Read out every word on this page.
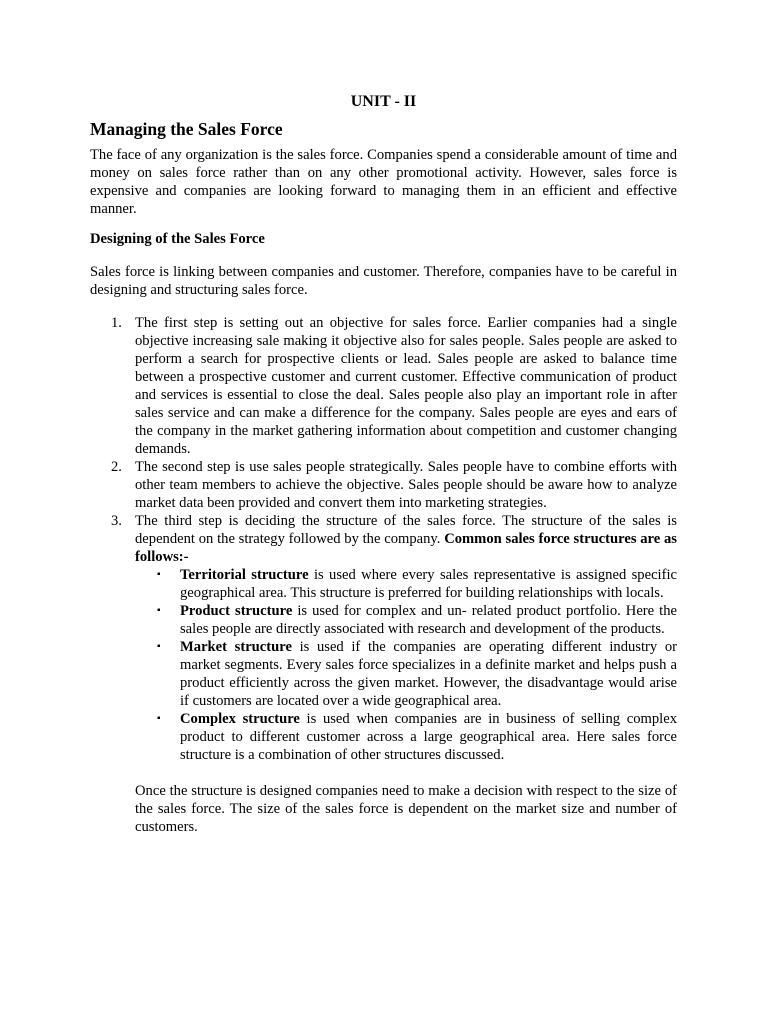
UNIT - II
Managing the Sales Force

The face of any organization is the sales force. Companies spend a considerable amount of time and money on sales force rather than on any other promotional activity. However, sales force is expensive and companies are looking forward to managing them in an efficient and effective manner.

Designing of the Sales Force

Sales force is linking between companies and customer. Therefore, companies have to be careful in designing and structuring sales force.

1. The first step is setting out an objective for sales force. Earlier companies had a single objective increasing sale making it objective also for sales people. Sales people are asked to perform a search for prospective clients or lead. Sales people are asked to balance time between a prospective customer and current customer. Effective communication of product and services is essential to close the deal. Sales people also play an important role in after sales service and can make a difference for the company. Sales people are eyes and ears of the company in the market gathering information about competition and customer changing demands.
2. The second step is use sales people strategically. Sales people have to combine efforts with other team members to achieve the objective. Sales people should be aware how to analyze market data been provided and convert them into marketing strategies.
3. The third step is deciding the structure of the sales force. The structure of the sales is dependent on the strategy followed by the company. Common sales force structures are as follows:-
▪ Territorial structure is used where every sales representative is assigned specific geographical area. This structure is preferred for building relationships with locals.
▪ Product structure is used for complex and un- related product portfolio. Here the sales people are directly associated with research and development of the products.
▪ Market structure is used if the companies are operating different industry or market segments. Every sales force specializes in a definite market and helps push a product efficiently across the given market. However, the disadvantage would arise if customers are located over a wide geographical area.
▪ Complex structure is used when companies are in business of selling complex product to different customer across a large geographical area. Here sales force structure is a combination of other structures discussed.

Once the structure is designed companies need to make a decision with respect to the size of the sales force. The size of the sales force is dependent on the market size and number of customers.
